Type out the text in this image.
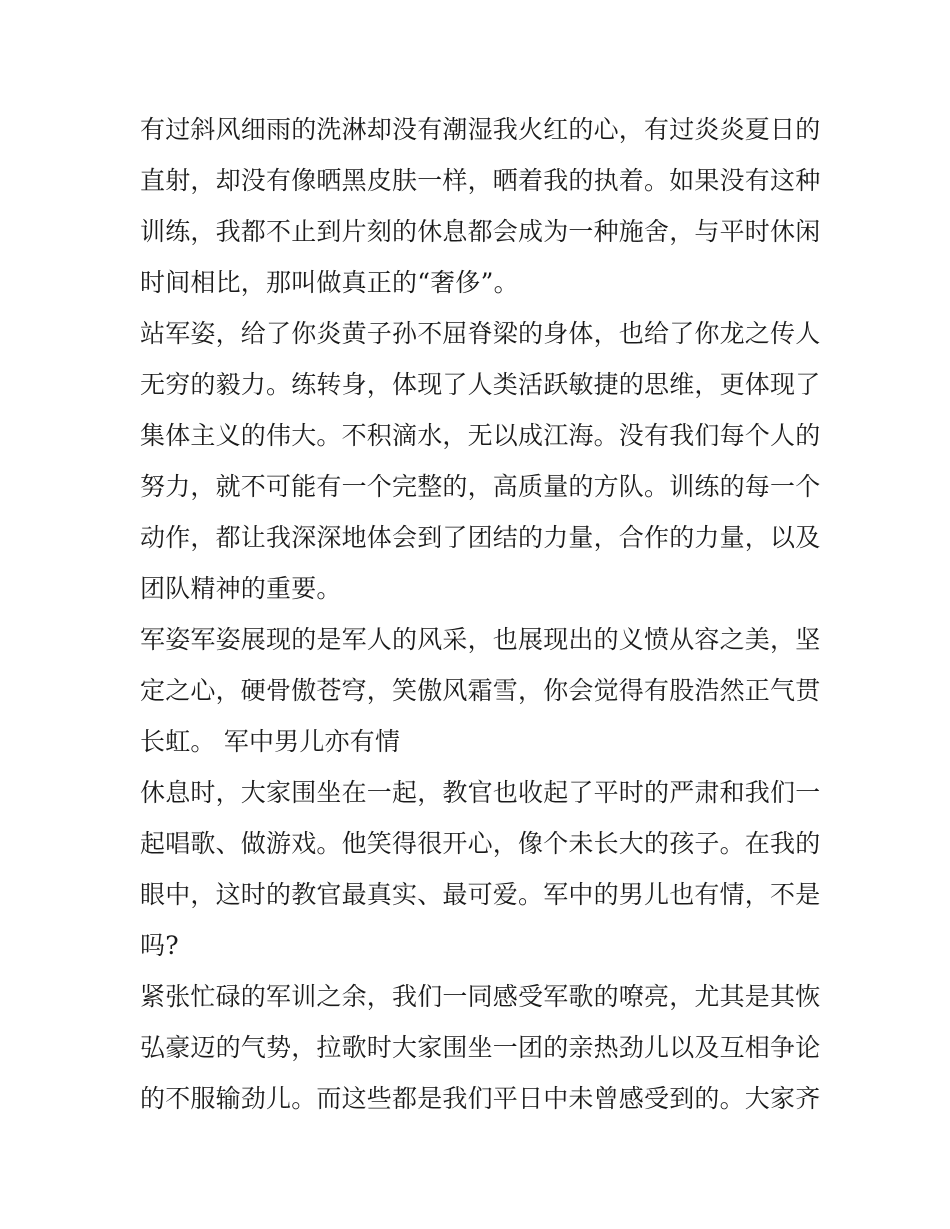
有过斜风细雨的洗淋却没有潮湿我火红的心，有过炎炎夏日的
直射，却没有像晒黑皮肤一样，晒着我的执着。如果没有这种
训练，我都不止到片刻的休息都会成为一种施舍，与平时休闲
时间相比，那叫做真正的“奢侈”。
站军姿，给了你炎黄子孙不屈脊梁的身体，也给了你龙之传人
无穷的毅力。练转身，体现了人类活跃敏捷的思维，更体现了
集体主义的伟大。不积滴水，无以成江海。没有我们每个人的
努力，就不可能有一个完整的，高质量的方队。训练的每一个
动作，都让我深深地体会到了团结的力量，合作的力量，以及
团队精神的重要。
军姿军姿展现的是军人的风采，也展现出的义愤从容之美，坚
定之心，硬骨傲苍穹，笑傲风霜雪，你会觉得有股浩然正气贯
长虹。 军中男儿亦有情
休息时，大家围坐在一起，教官也收起了平时的严肃和我们一
起唱歌、做游戏。他笑得很开心，像个未长大的孩子。在我的
眼中，这时的教官最真实、最可爱。军中的男儿也有情，不是
吗?
紧张忙碌的军训之余，我们一同感受军歌的嘹亮，尤其是其恢
弘豪迈的气势，拉歌时大家围坐一团的亲热劲儿以及互相争论
的不服输劲儿。而这些都是我们平日中未曾感受到的。大家齐
